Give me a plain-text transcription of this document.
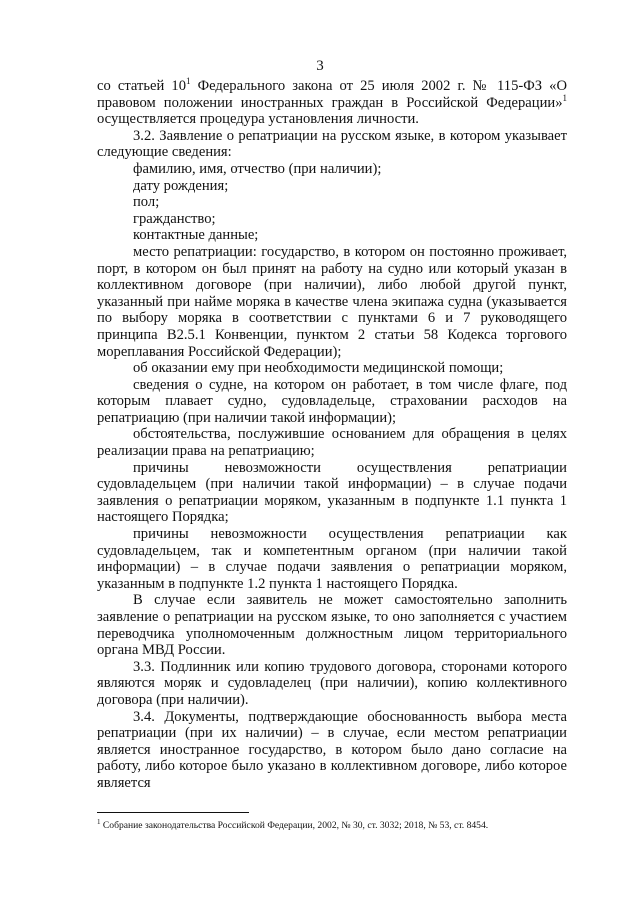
3

со статьей $10^1$ Федерального закона от 25 июля 2002 г. № 115-ФЗ «О правовом положении иностранных граждан в Российской Федерации»$^1$ осуществляется процедура установления личности.

3.2. Заявление о репатриации на русском языке, в котором указывает следующие сведения:

фамилию, имя, отчество (при наличии);

дату рождения;

пол;

гражданство;

контактные данные;

место репатриации: государство, в котором он постоянно проживает, порт, в котором он был принят на работу на судно или который указан в коллективном договоре (при наличии), либо любой другой пункт, указанный при найме моряка в качестве члена экипажа судна (указывается по выбору моряка в соответствии с пунктами 6 и 7 руководящего принципа B2.5.1 Конвенции, пунктом 2 статьи 58 Кодекса торгового мореплавания Российской Федерации);

об оказании ему при необходимости медицинской помощи;

сведения о судне, на котором он работает, в том числе флаге, под которым плавает судно, судовладельце, страховании расходов на репатриацию (при наличии такой информации);

обстоятельства, послужившие основанием для обращения в целях реализации права на репатриацию;

причины невозможности осуществления репатриации судовладельцем (при наличии такой информации) – в случае подачи заявления о репатриации моряком, указанным в подпункте 1.1 пункта 1 настоящего Порядка;

причины невозможности осуществления репатриации как судовладельцем, так и компетентным органом (при наличии такой информации) – в случае подачи заявления о репатриации моряком, указанным в подпункте 1.2 пункта 1 настоящего Порядка.

В случае если заявитель не может самостоятельно заполнить заявление о репатриации на русском языке, то оно заполняется с участием переводчика уполномоченным должностным лицом территориального органа МВД России.

3.3. Подлинник или копию трудового договора, сторонами которого являются моряк и судовладелец (при наличии), копию коллективного договора (при наличии).

3.4. Документы, подтверждающие обоснованность выбора места репатриации (при их наличии) – в случае, если местом репатриации является иностранное государство, в котором было дано согласие на работу, либо которое было указано в коллективном договоре, либо которое является

$^1$ Собрание законодательства Российской Федерации, 2002, № 30, ст. 3032; 2018, № 53, ст. 8454.
